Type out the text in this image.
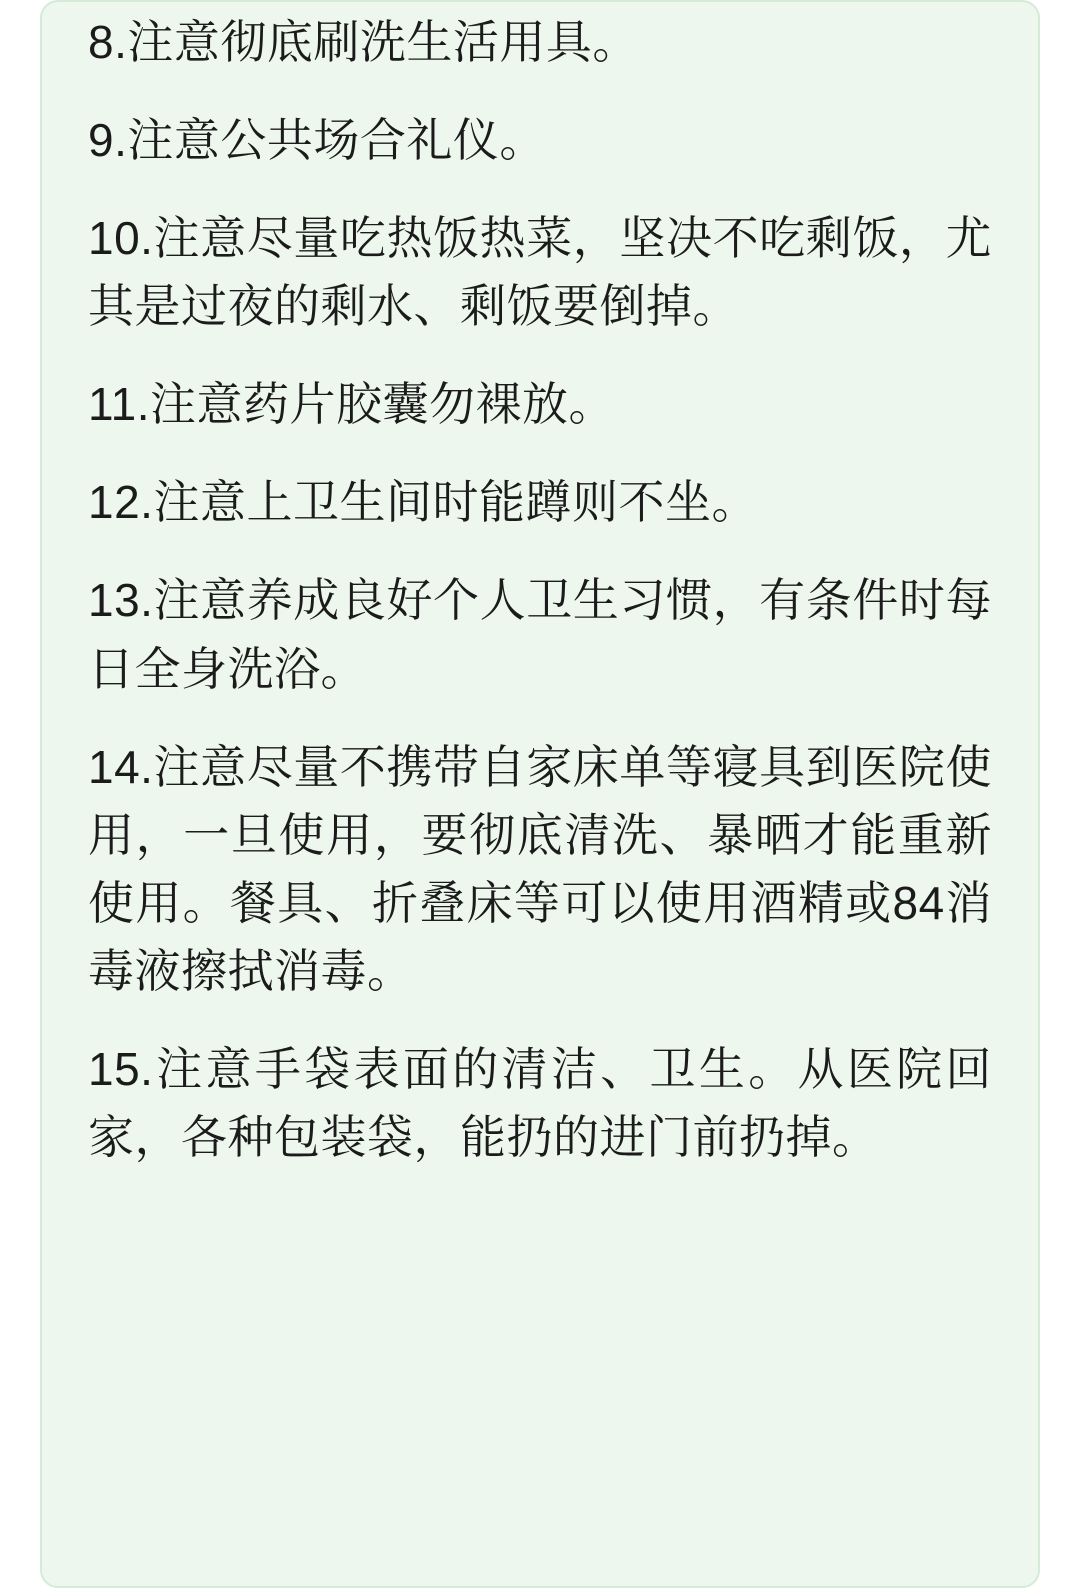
8.注意彻底刷洗生活用具。
9.注意公共场合礼仪。
10.注意尽量吃热饭热菜，坚决不吃剩饭，尤其是过夜的剩水、剩饭要倒掉。
11.注意药片胶囊勿裸放。
12.注意上卫生间时能蹲则不坐。
13.注意养成良好个人卫生习惯，有条件时每日全身洗浴。
14.注意尽量不携带自家床单等寝具到医院使用，一旦使用，要彻底清洗、暴晒才能重新使用。餐具、折叠床等可以使用酒精或84消毒液擦拭消毒。
15.注意手袋表面的清洁、卫生。从医院回家，各种包装袋，能扔的进门前扔掉。
